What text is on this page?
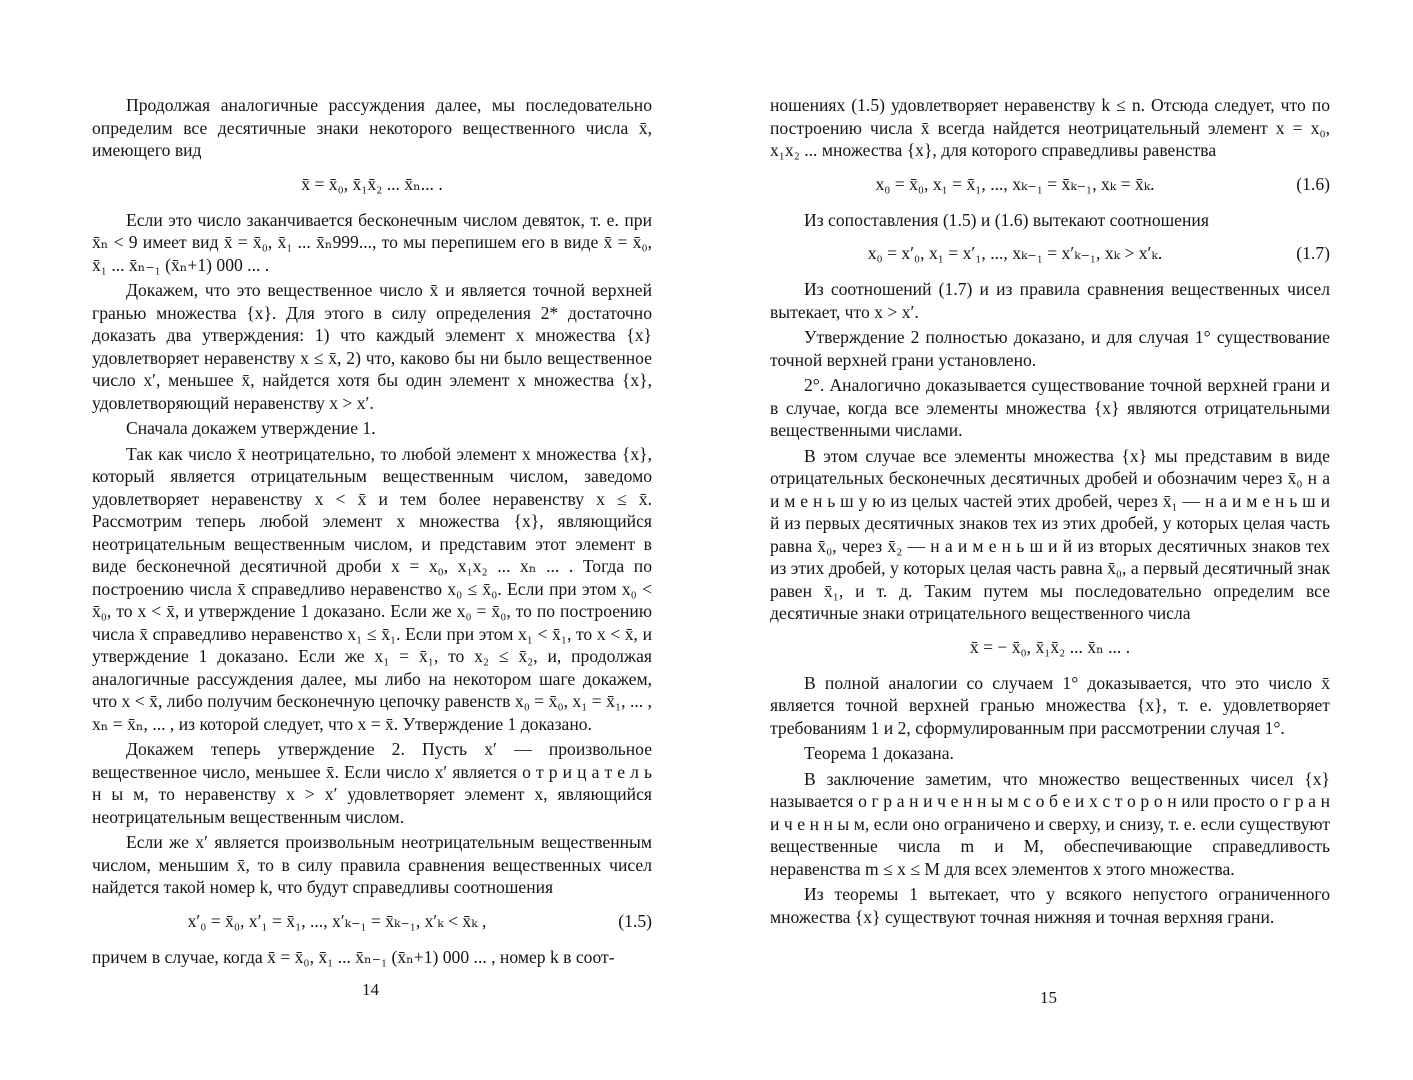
Продолжая аналогичные рассуждения далее, мы последовательно определим все десятичные знаки некоторого вещественного числа x̄, имеющего вид

x̄ = x̄₀, x̄₁x̄₂ ... x̄ₙ... .

Если это число заканчивается бесконечным числом девяток, т. е. при x̄ₙ < 9 имеет вид x̄ = x̄₀, x̄₁ ... x̄ₙ999..., то мы перепишем его в виде x̄ = x̄₀, x̄₁ ... x̄ₙ₋₁ (x̄ₙ+1) 000 ... .

Докажем, что это вещественное число x̄ и является точной верхней гранью множества {x}. Для этого в силу определения 2* достаточно доказать два утверждения: 1) что каждый элемент x множества {x} удовлетворяет неравенству x ≤ x̄, 2) что, каково бы ни было вещественное число x′, меньшее x̄, найдется хотя бы один элемент x множества {x}, удовлетворяющий неравенству x > x′.

Сначала докажем утверждение 1.

Так как число x̄ неотрицательно, то любой элемент x множества {x}, который является отрицательным вещественным числом, заведомо удовлетворяет неравенству x < x̄ и тем более неравенству x ≤ x̄. Рассмотрим теперь любой элемент x множества {x}, являющийся неотрицательным вещественным числом, и представим этот элемент в виде бесконечной десятичной дроби x = x₀, x₁x₂ ... xₙ ... . Тогда по построению числа x̄ справедливо неравенство x₀ ≤ x̄₀. Если при этом x₀ < x̄₀, то x < x̄, и утверждение 1 доказано. Если же x₀ = x̄₀, то по построению числа x̄ справедливо неравенство x₁ ≤ x̄₁. Если при этом x₁ < x̄₁, то x < x̄, и утверждение 1 доказано. Если же x₁ = x̄₁, то x₂ ≤ x̄₂, и, продолжая аналогичные рассуждения далее, мы либо на некотором шаге докажем, что x < x̄, либо получим бесконечную цепочку равенств x₀ = x̄₀, x₁ = x̄₁, ... , xₙ = x̄ₙ, ... , из которой следует, что x = x̄. Утверждение 1 доказано.

Докажем теперь утверждение 2. Пусть x′ — произвольное вещественное число, меньшее x̄. Если число x′ является о т р и ц а т е л ь н ы м, то неравенству x > x′ удовлетворяет элемент x, являющийся неотрицательным вещественным числом.

Если же x′ является произвольным неотрицательным вещественным числом, меньшим x̄, то в силу правила сравнения вещественных чисел найдется такой номер k, что будут справедливы соотношения

x′₀ = x̄₀, x′₁ = x̄₁, ..., x′ₖ₋₁ = x̄ₖ₋₁, x′ₖ < x̄ₖ ,	(1.5)

причем в случае, когда x̄ = x̄₀, x̄₁ ... x̄ₙ₋₁ (x̄ₙ+1) 000 ... , номер k в соот-

14

ношениях (1.5) удовлетворяет неравенству k ≤ n. Отсюда следует, что по построению числа x̄ всегда найдется неотрицательный элемент x = x₀, x₁x₂ ... множества {x}, для которого справедливы равенства

x₀ = x̄₀, x₁ = x̄₁, ..., xₖ₋₁ = x̄ₖ₋₁, xₖ = x̄ₖ.	(1.6)

Из сопоставления (1.5) и (1.6) вытекают соотношения

x₀ = x′₀, x₁ = x′₁, ..., xₖ₋₁ = x′ₖ₋₁, xₖ > x′ₖ.	(1.7)

Из соотношений (1.7) и из правила сравнения вещественных чисел вытекает, что x > x′.

Утверждение 2 полностью доказано, и для случая 1° существование точной верхней грани установлено.

2°. Аналогично доказывается существование точной верхней грани и в случае, когда все элементы множества {x} являются отрицательными вещественными числами.

В этом случае все элементы множества {x} мы представим в виде отрицательных бесконечных десятичных дробей и обозначим через x̄₀ н а и м е н ь ш у ю из целых частей этих дробей, через x̄₁ — н а и м е н ь ш и й из первых десятичных знаков тех из этих дробей, у которых целая часть равна x̄₀, через x̄₂ — н а и м е н ь ш и й из вторых десятичных знаков тех из этих дробей, у которых целая часть равна x̄₀, а первый десятичный знак равен x̄₁, и т. д. Таким путем мы последовательно определим все десятичные знаки отрицательного вещественного числа

x̄ = − x̄₀, x̄₁x̄₂ ... x̄ₙ ... .

В полной аналогии со случаем 1° доказывается, что это число x̄ является точной верхней гранью множества {x}, т. е. удовлетворяет требованиям 1 и 2, сформулированным при рассмотрении случая 1°.

Теорема 1 доказана.

В заключение заметим, что множество вещественных чисел {x} называется о г р а н и ч е н н ы м с о б е и х с т о р о н или просто о г р а н и ч е н н ы м, если оно ограничено и сверху, и снизу, т. е. если существуют вещественные числа m и M, обеспечивающие справедливость неравенства m ≤ x ≤ M для всех элементов x этого множества.

Из теоремы 1 вытекает, что у всякого непустого ограниченного множества {x} существуют точная нижняя и точная верхняя грани.

15
